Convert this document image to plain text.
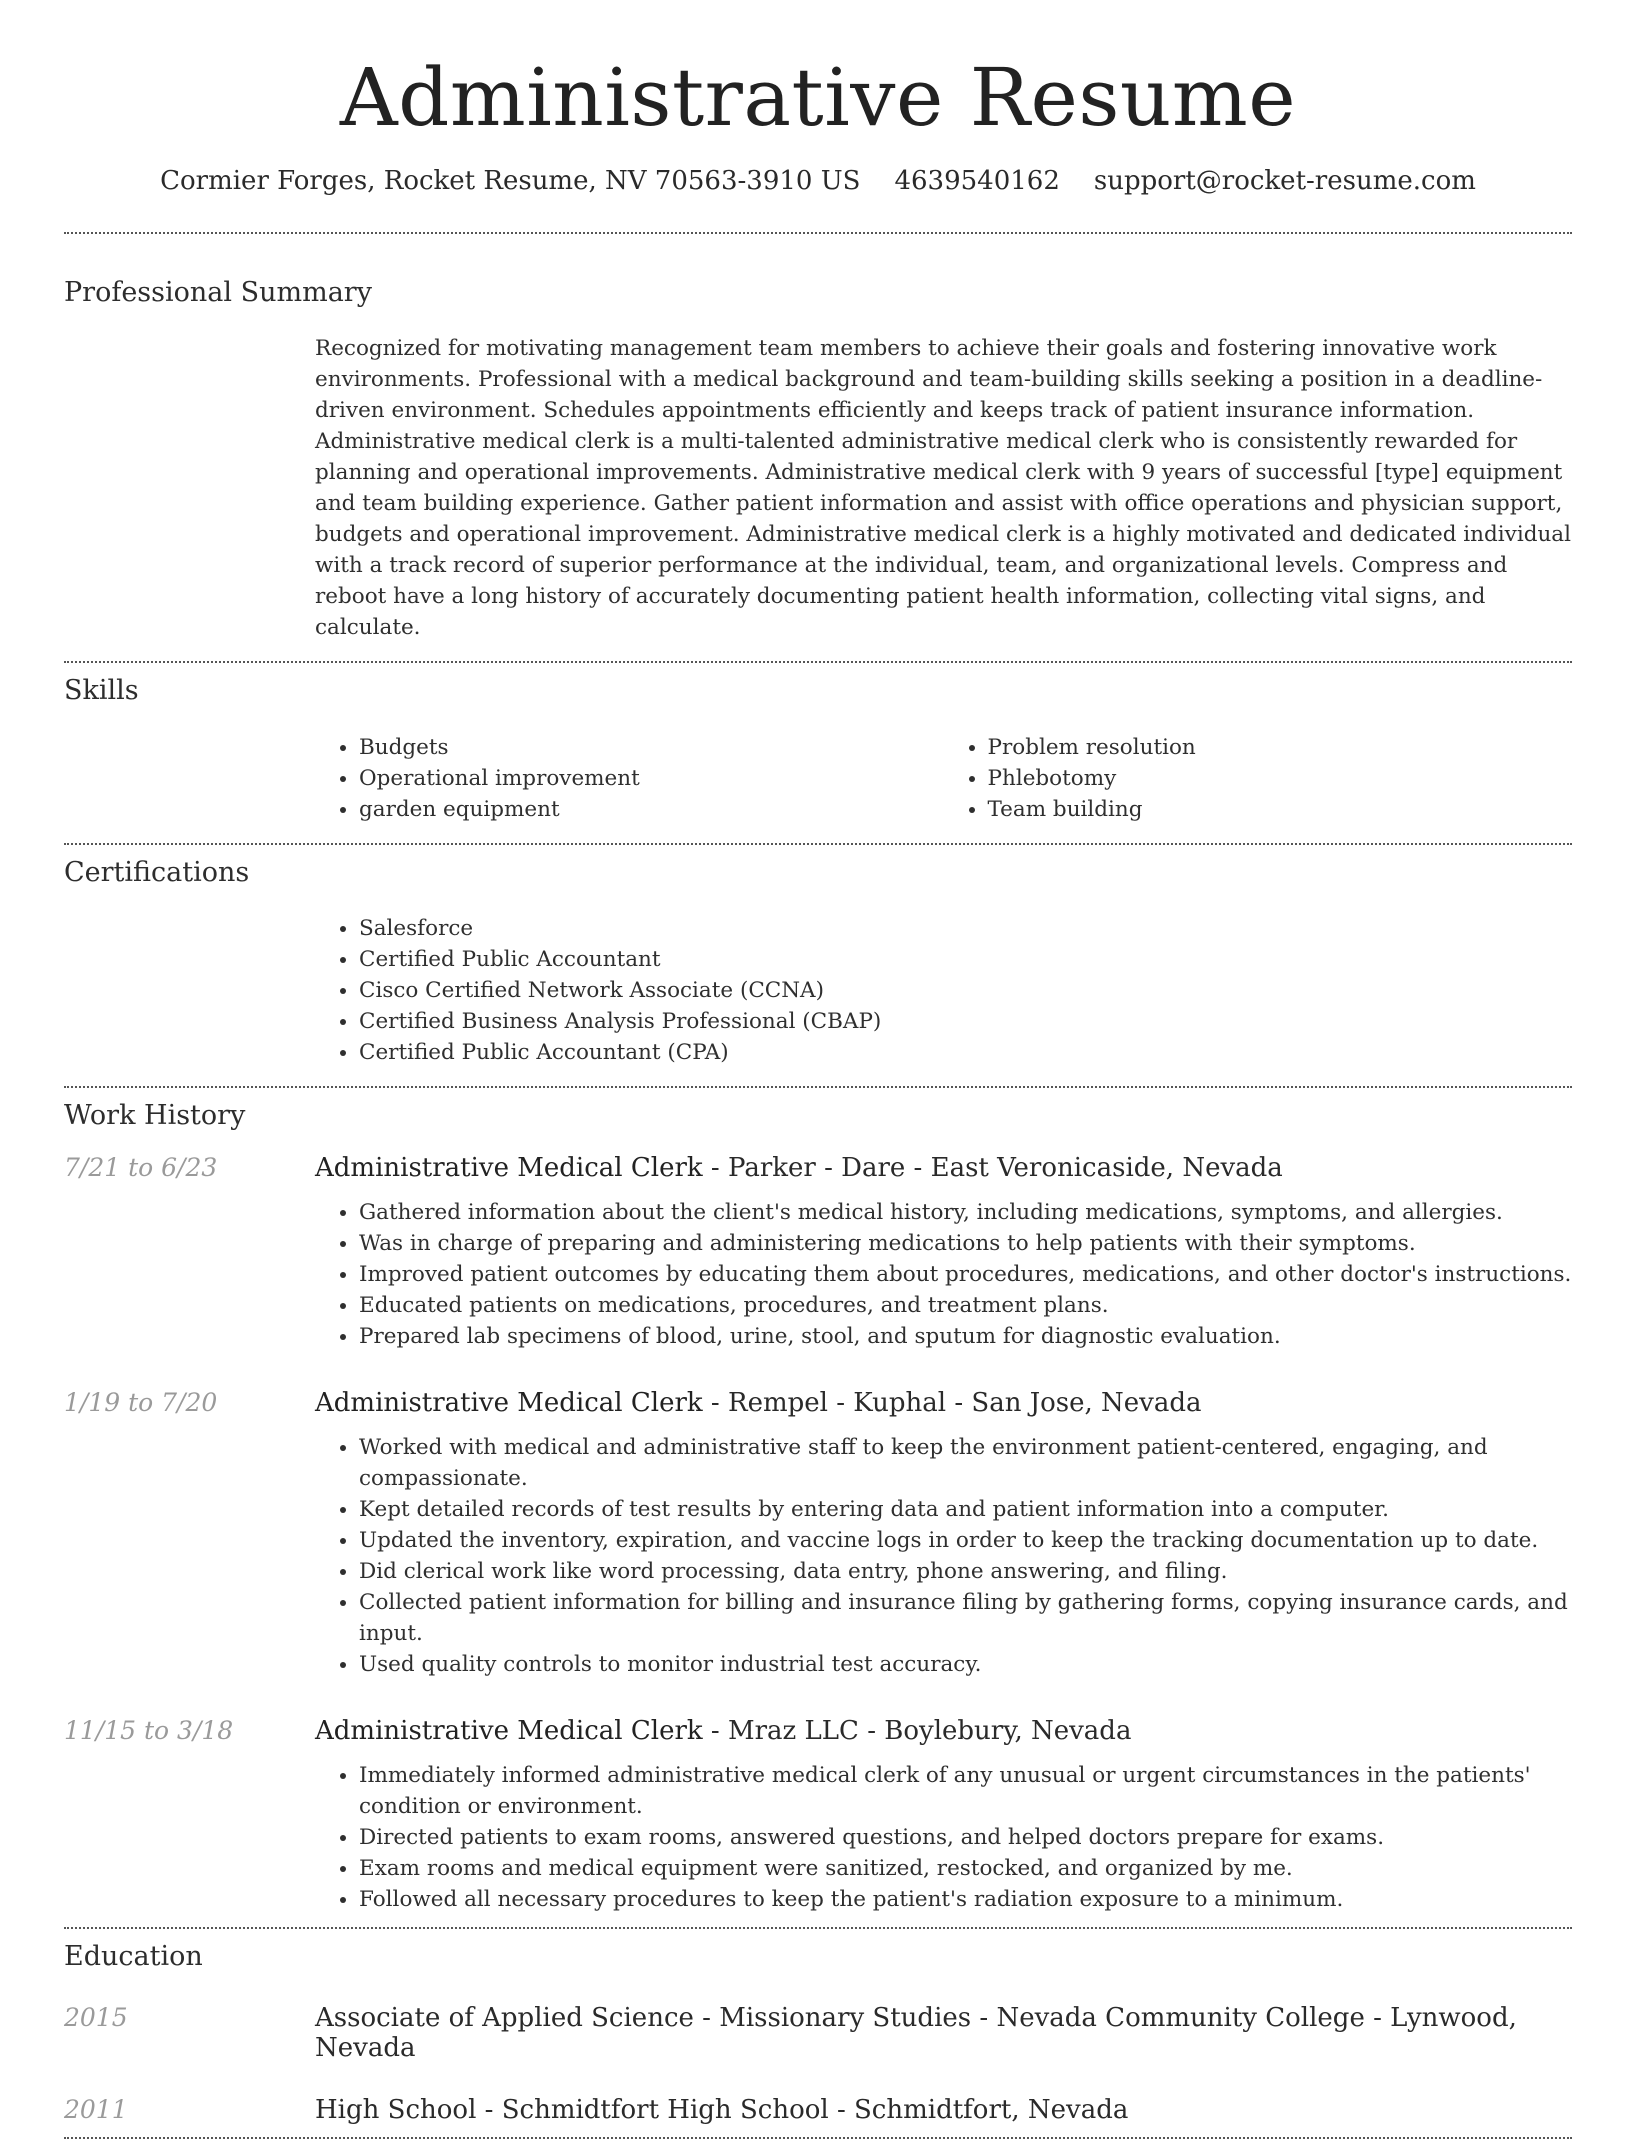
Administrative Resume
Cormier Forges, Rocket Resume, NV 70563-3910 US 4639540162 support@rocket-resume.com
Professional Summary
Recognized for motivating management team members to achieve their goals and fostering innovative work environments. Professional with a medical background and team-building skills seeking a position in a deadline-driven environment. Schedules appointments efficiently and keeps track of patient insurance information. Administrative medical clerk is a multi-talented administrative medical clerk who is consistently rewarded for planning and operational improvements. Administrative medical clerk with 9 years of successful [type] equipment and team building experience. Gather patient information and assist with office operations and physician support, budgets and operational improvement. Administrative medical clerk is a highly motivated and dedicated individual with a track record of superior performance at the individual, team, and organizational levels. Compress and reboot have a long history of accurately documenting patient health information, collecting vital signs, and calculate.
Skills
• Budgets
• Operational improvement
• garden equipment
• Problem resolution
• Phlebotomy
• Team building
Certifications
• Salesforce
• Certified Public Accountant
• Cisco Certified Network Associate (CCNA)
• Certified Business Analysis Professional (CBAP)
• Certified Public Accountant (CPA)
Work History
7/21 to 6/23	Administrative Medical Clerk - Parker - Dare - East Veronicaside, Nevada
• Gathered information about the client's medical history, including medications, symptoms, and allergies.
• Was in charge of preparing and administering medications to help patients with their symptoms.
• Improved patient outcomes by educating them about procedures, medications, and other doctor's instructions.
• Educated patients on medications, procedures, and treatment plans.
• Prepared lab specimens of blood, urine, stool, and sputum for diagnostic evaluation.
1/19 to 7/20	Administrative Medical Clerk - Rempel - Kuphal - San Jose, Nevada
• Worked with medical and administrative staff to keep the environment patient-centered, engaging, and compassionate.
• Kept detailed records of test results by entering data and patient information into a computer.
• Updated the inventory, expiration, and vaccine logs in order to keep the tracking documentation up to date.
• Did clerical work like word processing, data entry, phone answering, and filing.
• Collected patient information for billing and insurance filing by gathering forms, copying insurance cards, and input.
• Used quality controls to monitor industrial test accuracy.
11/15 to 3/18	Administrative Medical Clerk - Mraz LLC - Boylebury, Nevada
• Immediately informed administrative medical clerk of any unusual or urgent circumstances in the patients' condition or environment.
• Directed patients to exam rooms, answered questions, and helped doctors prepare for exams.
• Exam rooms and medical equipment were sanitized, restocked, and organized by me.
• Followed all necessary procedures to keep the patient's radiation exposure to a minimum.
Education
2015	Associate of Applied Science - Missionary Studies - Nevada Community College - Lynwood, Nevada
2011	High School - Schmidtfort High School - Schmidtfort, Nevada
